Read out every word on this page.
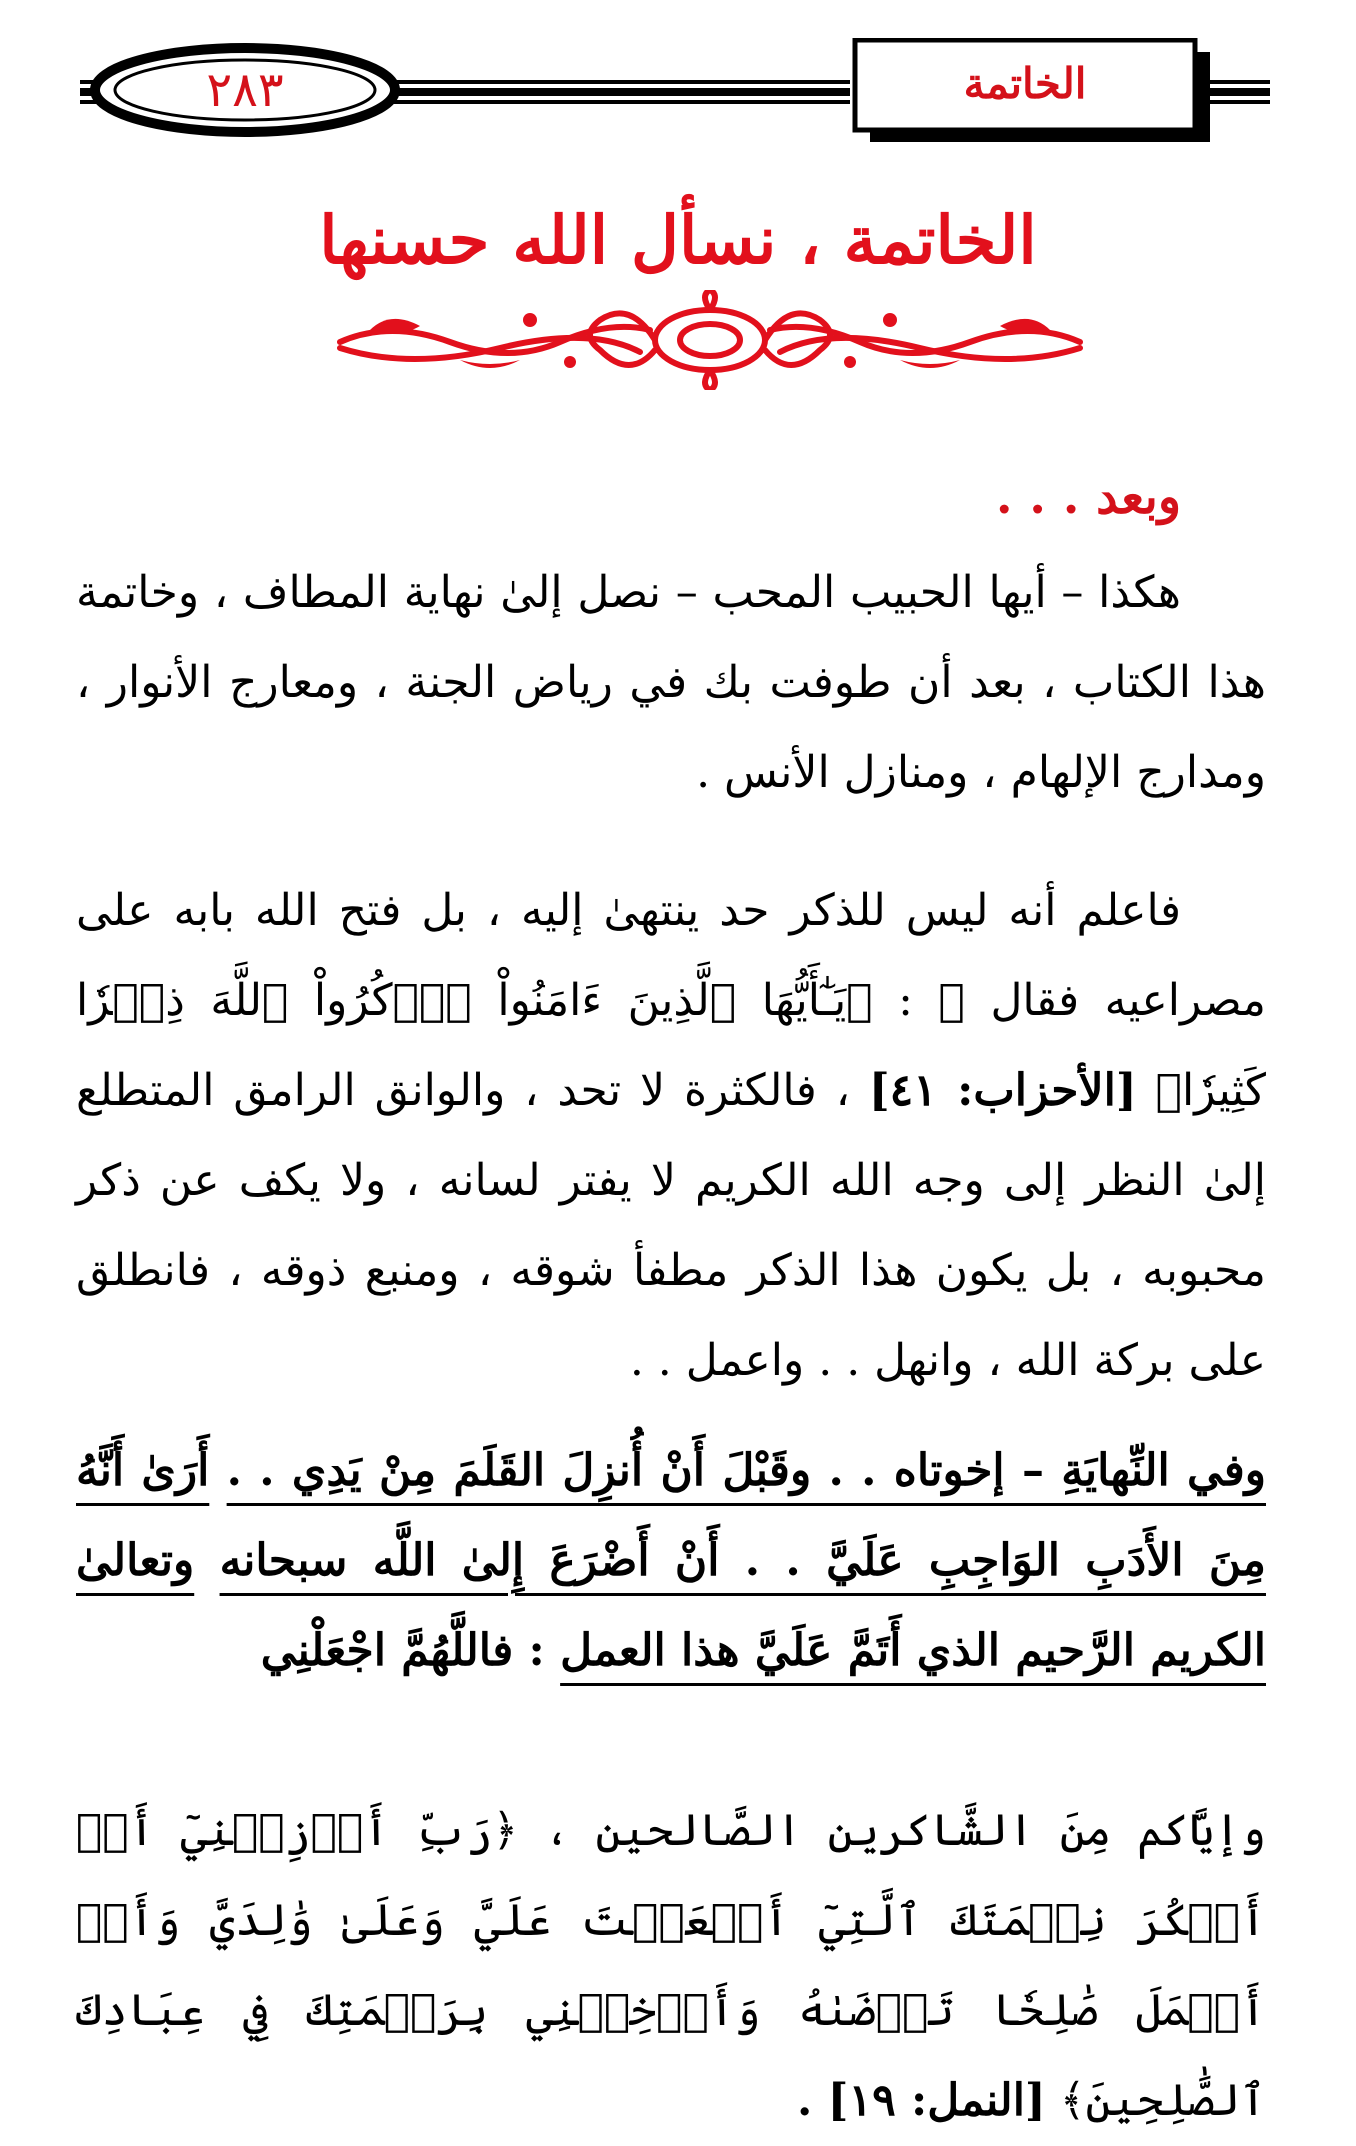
٢٨٣	الخاتمة
الخاتمة ، نسأل الله حسنها

وبعد . . .

هكذا – أيها الحبيب المحب – نصل إلىٰ نهاية المطاف ، وخاتمة هذا الكتاب ، بعد أن طوفت بك في رياض الجنة ، ومعارج الأنوار ، ومدارج الإلهام ، ومنازل الأنس .

فاعلم أنه ليس للذكر حد ينتهىٰ إليه ، بل فتح الله بابه على مصراعيه فقال ﷻ : ﴿يَـٰٓأَيُّهَا ٱلَّذِينَ ءَامَنُواْ ٱذۡكُرُواْ ٱللَّهَ ذِكۡرٗا كَثِيرٗا﴾ [الأحزاب: ٤١] ، فالكثرة لا تحد ، والوانق الرامق المتطلع إلىٰ النظر إلى وجه الله الكريم لا يفتر لسانه ، ولا يكف عن ذكر محبوبه ، بل يكون هذا الذكر مطفأ شوقه ، ومنبع ذوقه ، فانطلق على بركة الله ، وانهل . . واعمل . .

وفي النِّهايَةِ – إخوتاه . . وقَبْلَ أَنْ أُنزِلَ القَلَمَ مِنْ يَدِي . . أَرَىٰ أَنَّهُ مِنَ الأَدَبِ الوَاجِبِ عَلَيَّ . . أَنْ أَضْرَعَ إِلىٰ اللَّه سبحانه وتعالىٰ الكريم الرَّحيم الذي أَتَمَّ عَلَيَّ هذا العمل : فاللَّهُمَّ اجْعَلْنِي

وإيَّاكم مِنَ الشَّاكرين الصَّالحين ، ﴿رَبِّ أَوۡزِعۡنِيٓ أَنۡ أَشۡكُرَ نِعۡمَتَكَ ٱلَّتِيٓ أَنۡعَمۡتَ عَلَيَّ وَعَلَىٰ وَٰلِدَيَّ وَأَنۡ أَعۡمَلَ صَٰلِحٗا تَرۡضَىٰهُ وَأَدۡخِلۡنِي بِرَحۡمَتِكَ فِي عِبَادِكَ ٱلصَّٰلِحِينَ﴾ [النمل: ١٩] .
